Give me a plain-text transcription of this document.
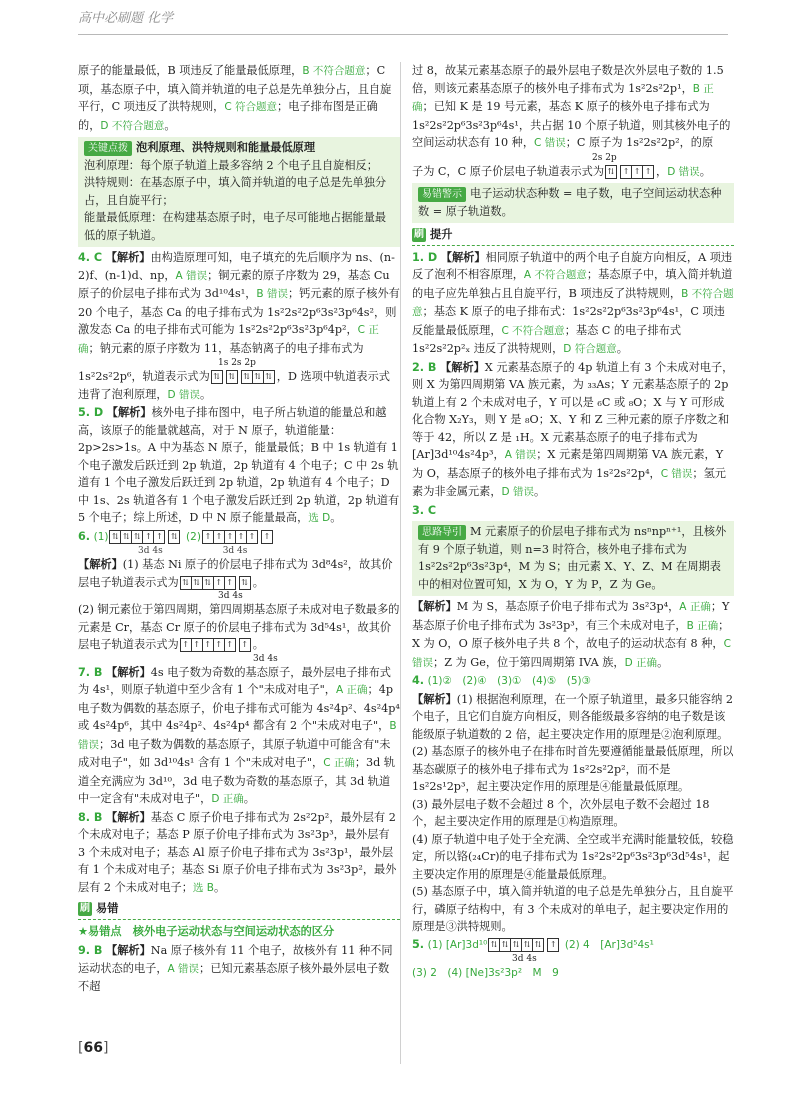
高中必刷题 化学

原子的能量最低，B 项违反了能量最低原理，B 不符合题意；C 项，基态原子中，填入简并轨道的电子总是先单独分占，且自旋平行，C 项违反了洪特规则，C 符合题意；电子排布图是正确的，D 不符合题意。

关键点拨 泡利原理、洪特规则和能量最低原理

泡利原理：每个原子轨道上最多容纳 2 个电子且自旋相反；

洪特规则：在基态原子中，填入简并轨道的电子总是先单独分占，且自旋平行；

能量最低原理：在构建基态原子时，电子尽可能地占据能量最低的原子轨道。

4. C 【解析】由构造原理可知，电子填充的先后顺序为 ns、(n-2)f、(n-1)d、np，A 错误；铜元素的原子序数为 29，基态 Cu 原子的价层电子排布式为 3d¹⁰4s¹，B 错误；钙元素的原子核外有 20 个电子，基态 Ca 的电子排布式为 1s²2s²2p⁶3s²3p⁶4s²，则激发态 Ca 的电子排布式可能为 1s²2s²2p⁶3s²3p⁶4p²，C 正确；钠元素的原子序数为 11，基态钠离子的电子排布式为

1s 2s 2p

1s²2s²2p⁶，轨道表示式为 ⇅	⇅	⇅ ⇅ ⇅ ，D 选项中轨道表示式违背了泡利原理，D 错误。

5. D 【解析】核外电子排布图中，电子所占轨道的能量总和越高，该原子的能量就越高，对于 N 原子，轨道能量：2p>2s>1s。A 中为基态 N 原子，能量最低；B 中 1s 轨道有 1 个电子激发后跃迁到 2p 轨道，2p 轨道有 4 个电子；C 中 2s 轨道有 1 个电子激发后跃迁到 2p 轨道，2p 轨道有 4 个电子；D 中 1s、2s 轨道各有 1 个电子激发后跃迁到 2p 轨道，2p 轨道有 5 个电子；综上所述，D 中 N 原子能量最高，选 D。

6. (1) ⇅ ⇅ ⇅ ↑ ↑	⇅ (2) ↑ ↑ ↑ ↑ ↑	↑

3d 4s	3d 4s

【解析】(1) 基态 Ni 原子的价层电子排布式为 3d⁸4s²，故其价层电子轨道表示式为 ⇅ ⇅ ⇅ ↑ ↑	⇅ 。

3d 4s

(2) 铜元素位于第四周期，第四周期基态原子未成对电子数最多的元素是 Cr，基态 Cr 原子的价层电子排布式为 3d⁵4s¹，故其价层电子轨道表示式为 ↑ ↑ ↑ ↑ ↑	↑ 。

3d 4s

7. B 【解析】4s 电子数为奇数的基态原子，最外层电子排布式为 4s¹，则原子轨道中至少含有 1 个"未成对电子"，A 正确；4p 电子数为偶数的基态原子，价电子排布式可能为 4s²4p²、4s²4p⁴ 或 4s²4p⁶，其中 4s²4p²、4s²4p⁴ 都含有 2 个"未成对电子"，B 错误；3d 电子数为偶数的基态原子，其原子轨道中可能含有"未成对电子"，如 3d¹⁰4s¹ 含有 1 个"未成对电子"，C 正确；3d 轨道全充满应为 3d¹⁰，3d 电子数为奇数的基态原子，其 3d 轨道中一定含有"未成对电子"，D 正确。

8. B 【解析】基态 C 原子价电子排布式为 2s²2p²，最外层有 2 个未成对电子；基态 P 原子价电子排布式为 3s²3p³，最外层有 3 个未成对电子；基态 Al 原子价电子排布式为 3s²3p¹，最外层有 1 个未成对电子；基态 Si 原子价电子排布式为 3s²3p²，最外层有 2 个未成对电子；选 B。

刷 易错

★易错点　核外电子运动状态与空间运动状态的区分

9. B 【解析】Na 原子核外有 11 个电子，故核外有 11 种不同运动状态的电子，A 错误；已知元素基态原子核外最外层电子数不超

过 8，故某元素基态原子的最外层电子数是次外层电子数的 1.5 倍，则该元素基态原子的核外电子排布式为 1s²2s²2p¹，B 正确；已知 K 是 19 号元素，基态 K 原子的核外电子排布式为 1s²2s²2p⁶3s²3p⁶4s¹，共占据 10 个原子轨道，则其核外电子的空间运动状态有 10 种，C 错误；C 原子为 1s²2s²2p²，的原

2s 2p

子为 C，C 原子价层电子轨道表示式为 ⇅	↑ ↑ ↑ ，D 错误。

易错警示 电子运动状态种数 = 电子数，电子空间运动状态种数 = 原子轨道数。

刷 提升

1. D 【解析】相同原子轨道中的两个电子自旋方向相反，A 项违反了泡利不相容原理，A 不符合题意；基态原子中，填入简并轨道的电子应先单独占且自旋平行，B 项违反了洪特规则，B 不符合题意；基态 K 原子的电子排布式：1s²2s²2p⁶3s²3p⁶4s¹，C 项违反能量最低原理，C 不符合题意；基态 C 的电子排布式 1s²2s²2p²ₓ 违反了洪特规则，D 符合题意。

2. B 【解析】X 元素基态原子的 4p 轨道上有 3 个未成对电子，则 X 为第四周期第 VA 族元素，为 ₃₃As；Y 元素基态原子的 2p 轨道上有 2 个未成对电子，Y 可以是 ₆C 或 ₈O；X 与 Y 可形成化合物 X₂Y₃，则 Y 是 ₈O；X、Y 和 Z 三种元素的原子序数之和等于 42，所以 Z 是 ₁H。X 元素基态原子的电子排布式为 [Ar]3d¹⁰4s²4p³，A 错误；X 元素是第四周期第 VA 族元素，Y 为 O，基态原子的核外电子排布式为 1s²2s²2p⁴，C 错误；氢元素为非金属元素，D 错误。

3. C

思路导引 M 元素原子的价层电子排布式为 nsⁿnpⁿ⁺¹，且核外有 9 个原子轨道，则 n=3 时符合，核外电子排布式为 1s²2s²2p⁶3s²3p⁴，M 为 S；由元素 X、Y、Z、M 在周期表中的相对位置可知，X 为 O，Y 为 P，Z 为 Ge。

【解析】M 为 S，基态原子价电子排布式为 3s²3p⁴，A 正确；Y 基态原子价电子排布式为 3s²3p³，有三个未成对电子，B 正确；X 为 O，O 原子核外电子共 8 个，故电子的运动状态有 8 种，C 错误；Z 为 Ge，位于第四周期第 IVA 族，D 正确。

4. (1)②　(2)④　(3)①　(4)⑤　(5)③

【解析】(1) 根据泡利原理，在一个原子轨道里，最多只能容纳 2 个电子，且它们自旋方向相反，则各能级最多容纳的电子数是该能级原子轨道数的 2 倍，起主要决定作用的原理是②泡利原理。

(2) 基态原子的核外电子在排布时首先要遵循能量最低原理，所以基态碳原子的核外电子排布式为 1s²2s²2p²，而不是 1s²2s¹2p³，起主要决定作用的原理是④能量最低原理。

(3) 最外层电子数不会超过 8 个，次外层电子数不会超过 18 个，起主要决定作用的原理是①构造原理。

(4) 原子轨道中电子处于全充满、全空或半充满时能量较低，较稳定，所以铬(₂₄Cr)的电子排布式为 1s²2s²2p⁶3s²3p⁶3d⁵4s¹，起主要决定作用的原理是④能量最低原理。

(5) 基态原子中，填入简并轨道的电子总是先单独分占，且自旋平行，磷原子结构中，有 3 个未成对的单电子，起主要决定作用的原理是③洪特规则。

5. (1) [Ar]3d¹⁰ ⇅ ⇅ ⇅ ⇅ ⇅	↑ (2) 4　[Ar]3d⁵4s¹

3d 4s

(3) 2　(4) [Ne]3s²3p²　M　9

[66]
